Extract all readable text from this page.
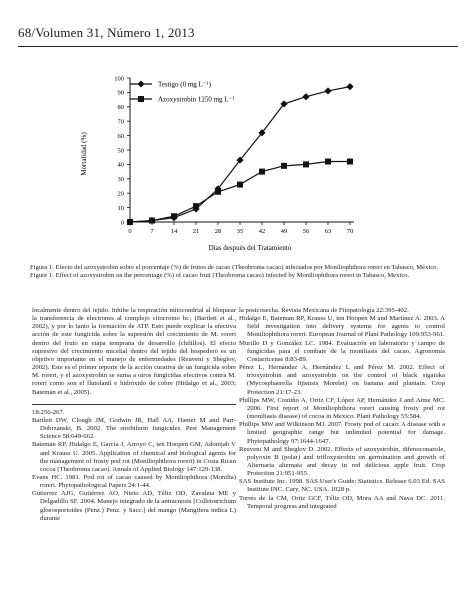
68/Volumen 31, Número 1, 2013
Mortalidad (%)
Días después del Tratamiento
Testigo (0 mg L⁻¹)
Azoxystrobin 1250 mg L⁻¹
0
10
20
30
40
50
60
70
80
90
100
0	7	14 21 28 35 42 49 56 63 70

Figura 1. Efecto del azoxystrobin sobre el porcentaje (%) de frutos de cacao (Theobroma cacao) infectados por Moniliophthora roreri en Tabasco, México.

Figure 1. Effect of azoxystrobin on the percentage (%) of cacao fruit (Theobroma cacao) infected by Moniliophthora roreri in Tabasco, Mexico.

localmente dentro del tejido. Inhibe la respiración mitocondrial al bloquear la transferencia de electrones al complejo citocromo bc₁ (Bartlett et al., 2002), y por lo tanto la formación de ATP. Esto puede explicar la efectiva acción de este fungicida sobre la supresión del crecimiento de M. roreri dentro del fruto en etapa temprana de desarrollo (chilillos). El efecto supresivo del crecimiento micelial dentro del tejido del hospedero es un objetivo importante en el manejo de enfermedades (Reuveni y Sheglov, 2002). Este es el primer reporte de la acción curativa de un fungicida sobre M. roreri, y el azoxystrobin se suma a otros fungicidas efectivos contra M. roreri como son el flutolanil e hidróxido de cobre (Hidalgo et al., 2003; Bateman et al., 2005).

18:256-267.

Bartlett DW, Clough JM, Godwin JR, Hall AA, Hamer M and Parr-Dobrzanski, B. 2002. The strobilurin fungicides. Pest Management Science 58:649-662.

Bateman RP, Hidalgo E, García J, Arroyo C, ten Hoopen GM, Adonijah V and Krauss U. 2005. Application of chemical and biological agents for the management of frosty pod rot (Moniliophthora roreri) in Costa Rican cocoa (Theobroma cacao). Annals of Applied Biology 147:129-138.

Evans HC. 1981. Pod rot of cacao caused by Moniliophthora (Monilia) roreri. Phytopathological Papers 24:1-44.

Gutierrez AJG, Gutiérrez AO, Nieto AD, Téliz OD, Zavaleta ME y Delgadillo SF. 2004. Manejo integrado de la antracnosis [Colletotrichum gloeosporioides (Penz.) Penz. y Sacc.] del mango (Mangifera indica L) durante

la postcosecha. Revista Mexicana de Fitopatología 22:395-402.

Hidalgo E, Bateman RP, Krauss U, ten Hoopen M and Martínez A. 2003. A field investigation into delivery systems for agents to control Moniliophthora roreri. European Journal of Plant Pathology 109:953-961.

Murillo D y González LC. 1984. Evaluación en laboratorio y campo de fungicidas para el combate de la moniliasis del cacao. Agronomía Costarricense 8:83-89.

Pérez L, Hernández A, Hernández L and Pérez M. 2002. Effect of trioxystrobin and azoxystrobin on the control of black sigatoka (Mycosphaerella fijiensis Morelet) on banana and plantain. Crop Protection 21:17-23.

Phillips MW, Coutiño A, Ortiz CF, López AP, Hernández J and Aime MC. 2006. First report of Moniliophthora roreri causing frosty pod rot (moniliasis disease) of cocoa in Mexico. Plant Pathology 55:584.

Phillips MW and Wilkinson MJ. 2007. Frosty pod of cacao: A disease with a limited geographic range but unlimited potential for damage. Phytopathology 97:1644-1647.

Reuveni M and Sheglov D. 2002. Effects of azoxystrobin, difenoconazole, polyoxin B (polar) and trifloxystrobin on germination and growth of Alternaria alternata and decay in red delicious apple fruit. Crop Protection 21:951-955.

SAS Institute Inc. 1998. SAS User's Guide: Statistics. Release 6.03 Ed. SAS Institute INC. Cary, NC. USA. 1028 p.

Torres de la CM, Ortiz GCF, Téliz OD, Mora AA and Nava DC. 2011. Temporal progress and integrated
